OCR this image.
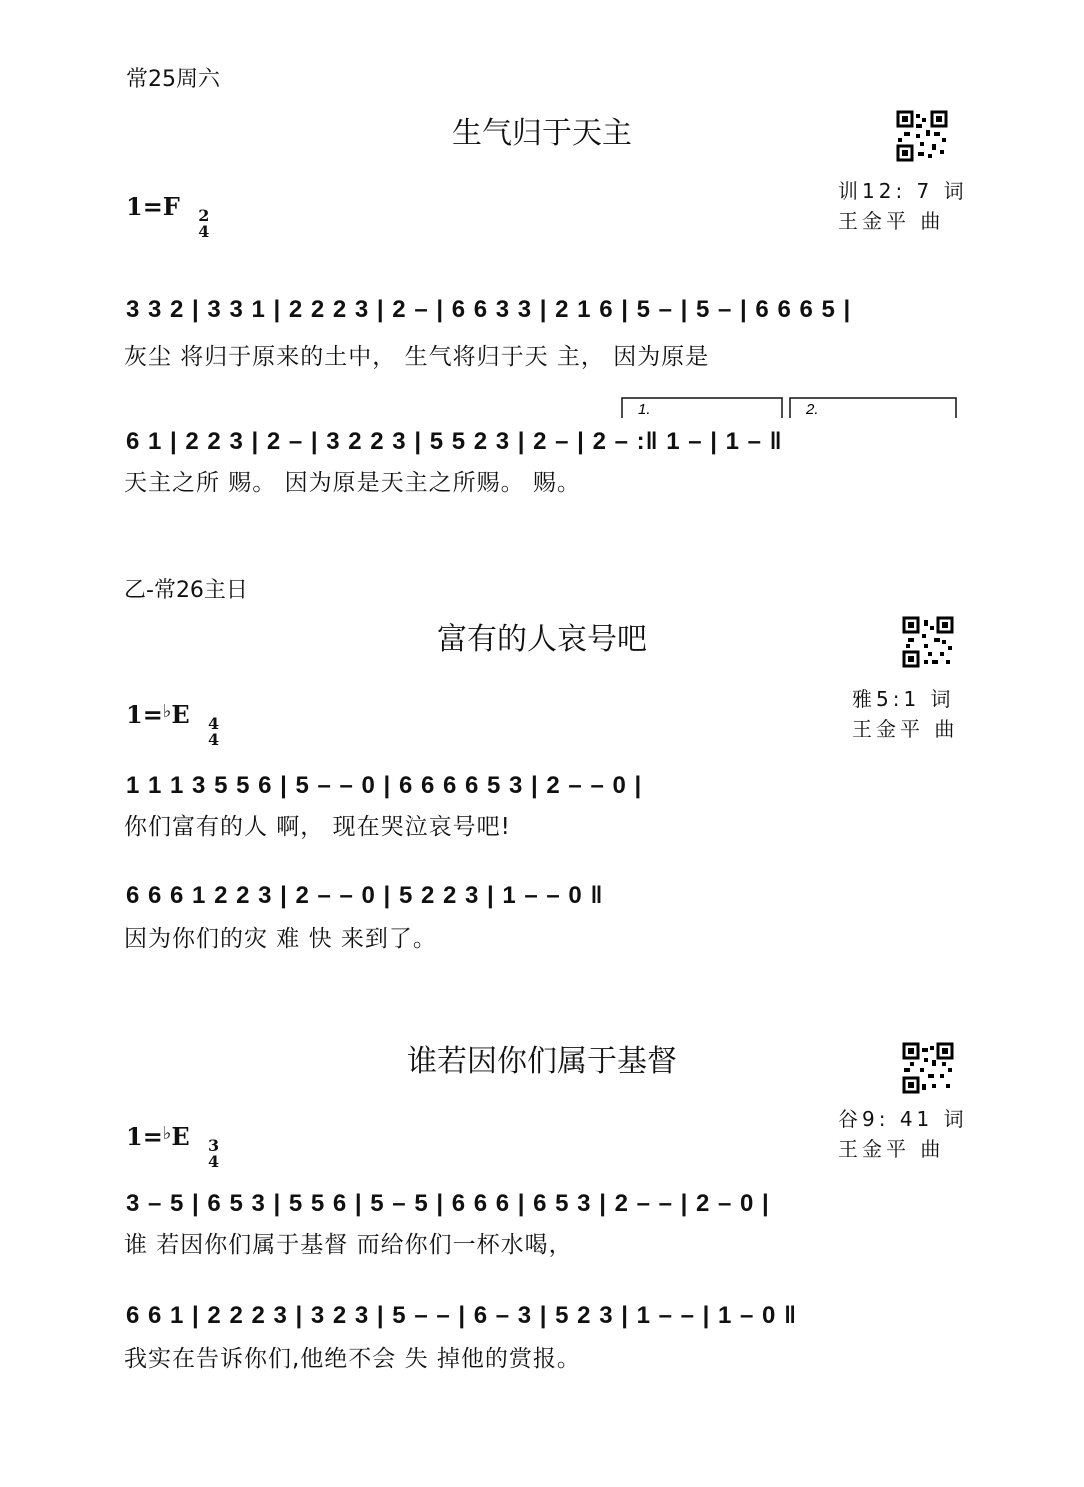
常25周六
生气归于天主
1=F 2
4
训12: 7 词
王金平 曲
3 3 2 | 3 3 1 | 2 2 2 3 | 2 – | 6 6 3 3 | 2 1 6 | 5 – | 5 – | 6 6 6 5 |
灰尘 将归于原来的土中， 生气将归于天 主， 因为原是
1.	2.
6 1 | 2 2 3 | 2 – | 3 2 2 3 | 5 5 2 3 | 2 – | 2 – :‖ 1 – | 1 – ‖
天主之所 赐。 因为原是天主之所赐。 赐。
乙-常26主日
富有的人哀号吧
1=♭E 4
4
雅5:1 词
王金平 曲
1 1 1 3 5 5 6 | 5 – – 0 | 6 6 6 6 5 3 | 2 – – 0 |
你们富有的人 啊， 现在哭泣哀号吧!
6 6 6 1 2 2 3 | 2 – – 0 | 5 2 2 3 | 1 – – 0 ‖
因为你们的灾 难 快 来到了。
谁若因你们属于基督
1=♭E 3
4
谷9: 41 词
王金平 曲
3 – 5 | 6 5 3 | 5 5 6 | 5 – 5 | 6 6 6 | 6 5 3 | 2 – – | 2 – 0 |
谁 若因你们属于基督 而给你们一杯水喝，
6 6 1 | 2 2 2 3 | 3 2 3 | 5 – – | 6 – 3 | 5 2 3 | 1 – – | 1 – 0 ‖
我实在告诉你们,他绝不会 失 掉他的赏报。
